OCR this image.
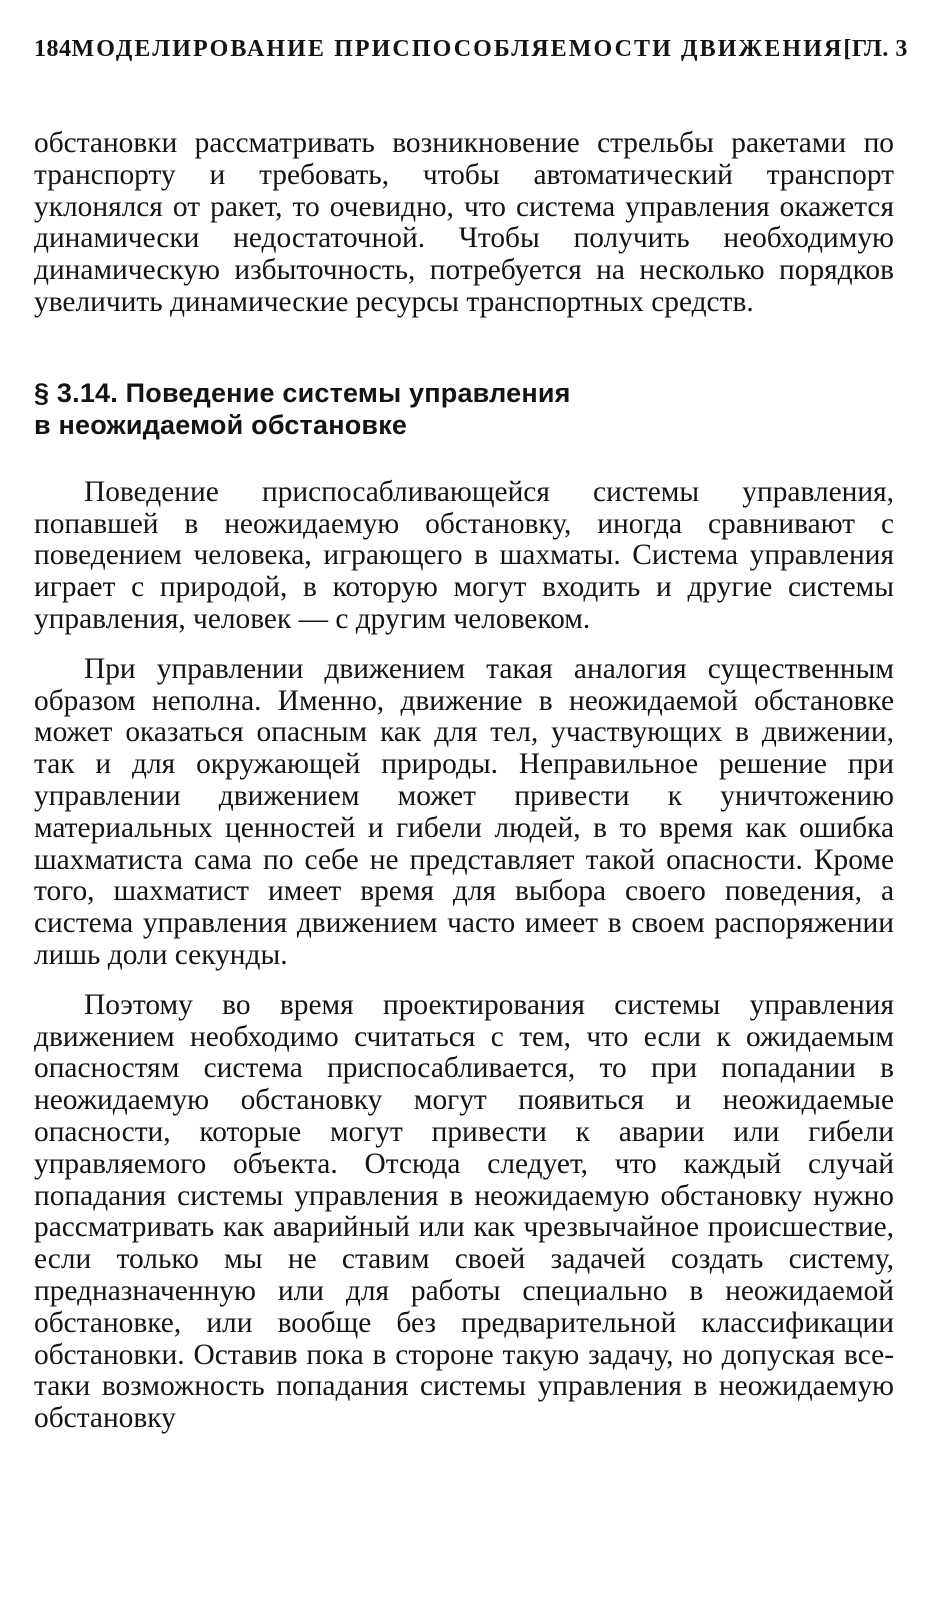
184 МОДЕЛИРОВАНИЕ ПРИСПОСОБЛЯЕМОСТИ ДВИЖЕНИЯ [ГЛ. 3

обстановки рассматривать возникновение стрельбы ракетами по транспорту и требовать, чтобы автоматический транспорт уклонялся от ракет, то очевидно, что система управления окажется динамически недостаточной. Чтобы получить необходимую динамическую избыточность, потребуется на несколько порядков увеличить динамические ресурсы транспортных средств.

§ 3.14. Поведение системы управления
в неожидаемой обстановке

Поведение приспосабливающейся системы управления, попавшей в неожидаемую обстановку, иногда сравнивают с поведением человека, играющего в шахматы. Система управления играет с природой, в которую могут входить и другие системы управления, человек — с другим человеком.

При управлении движением такая аналогия существенным образом неполна. Именно, движение в неожидаемой обстановке может оказаться опасным как для тел, участвующих в движении, так и для окружающей природы. Неправильное решение при управлении движением может привести к уничтожению материальных ценностей и гибели людей, в то время как ошибка шахматиста сама по себе не представляет такой опасности. Кроме того, шахматист имеет время для выбора своего поведения, а система управления движением часто имеет в своем распоряжении лишь доли секунды.

Поэтому во время проектирования системы управления движением необходимо считаться с тем, что если к ожидаемым опасностям система приспосабливается, то при попадании в неожидаемую обстановку могут появиться и неожидаемые опасности, которые могут привести к аварии или гибели управляемого объекта. Отсюда следует, что каждый случай попадания системы управления в неожидаемую обстановку нужно рассматривать как аварийный или как чрезвычайное происшествие, если только мы не ставим своей задачей создать систему, предназначенную или для работы специально в неожидаемой обстановке, или вообще без предварительной классификации обстановки. Оставив пока в стороне такую задачу, но допуская все-таки возможность попадания системы управления в неожидаемую обстановку
